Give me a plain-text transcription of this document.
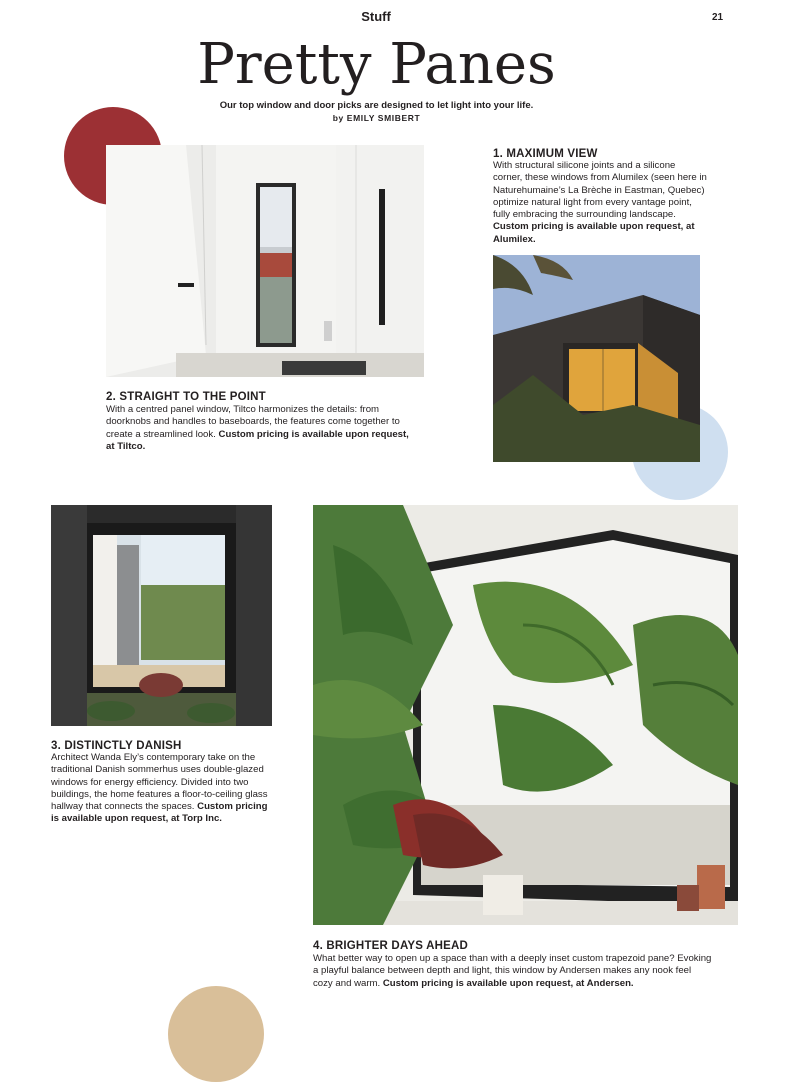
Stuff	21
Pretty Panes
Our top window and door picks are designed to let light into your life.
by EMILY SMIBERT
1. MAXIMUM VIEW
With structural silicone joints and a silicone corner, these windows from Alumilex (seen here in Naturehumaine’s La Brèche in Eastman, Quebec) optimize natural light from every vantage point, fully embracing the surrounding landscape. Custom pricing is available upon request, at Alumilex.
2. STRAIGHT TO THE POINT
With a centred panel window, Tiltco harmonizes the details: from doorknobs and handles to baseboards, the features come together to create a streamlined look. Custom pricing is available upon request, at Tiltco.
3. DISTINCTLY DANISH
Architect Wanda Ely’s contemporary take on the traditional Danish sommerhus uses double-glazed windows for energy efficiency. Divided into two buildings, the home features a floor-to-ceiling glass hallway that connects the spaces. Custom pricing is available upon request, at Torp Inc.
4. BRIGHTER DAYS AHEAD
What better way to open up a space than with a deeply inset custom trapezoid pane? Evoking a playful balance between depth and light, this window by Andersen makes any nook feel cozy and warm. Custom pricing is available upon request, at Andersen.
